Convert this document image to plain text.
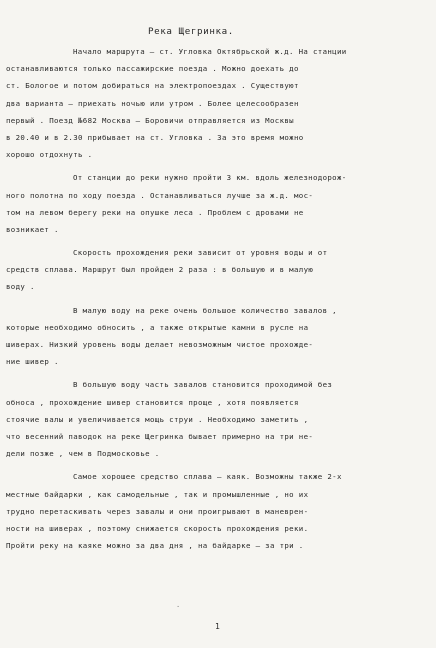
Река Щегринка.
Начало маршрута – ст. Угловка Октябрьской ж.д. На станции
останавливаются только пассажирские поезда . Можно доехать до
ст. Бологое и потом добираться на электропоездах . Существуют
два варианта – приехать ночью или утром . Более целесообразен
первый . Поезд №682 Москва – Боровичи отправляется из Москвы
в 20.40 и в 2.30 прибывает на ст. Угловка . За это время можно
хорошо отдохнуть .
От станции до реки нужно пройти 3 км. вдоль железнодорож-
ного полотна по ходу поезда . Останавливаться лучше за ж.д. мос-
том на левом берегу реки на опушке леса . Проблем с дровами не
возникает .
Скорость прохождения реки зависит от уровня воды и от
средств сплава. Маршрут был пройден 2 раза : в большую и в малую
воду .
В малую воду на реке очень большое количество завалов ,
которые необходимо обносить , а также открытые камни в русле на
шиверах. Низкий уровень воды делает невозможным чистое прохожде-
ние шивер .
В большую воду часть завалов становится проходимой без
обноса , прохождение шивер становится проще , хотя появляется
стоячие валы и увеличивается мощь струи . Необходимо заметить ,
что весенний паводок на реке Щегринка бывает примерно на три не-
дели позже , чем в Подмосковье .
Самое хорошее средство сплава – каяк. Возможны также 2-х
местные байдарки , как самодельные , так и промышленные , но их
трудно перетаскивать через завалы и они проигрывают в маневрен-
ности на шиверах , поэтому снижается скорость прохождения реки.
Пройти реку на каяке можно за два дня , на байдарке – за три .
·
1
